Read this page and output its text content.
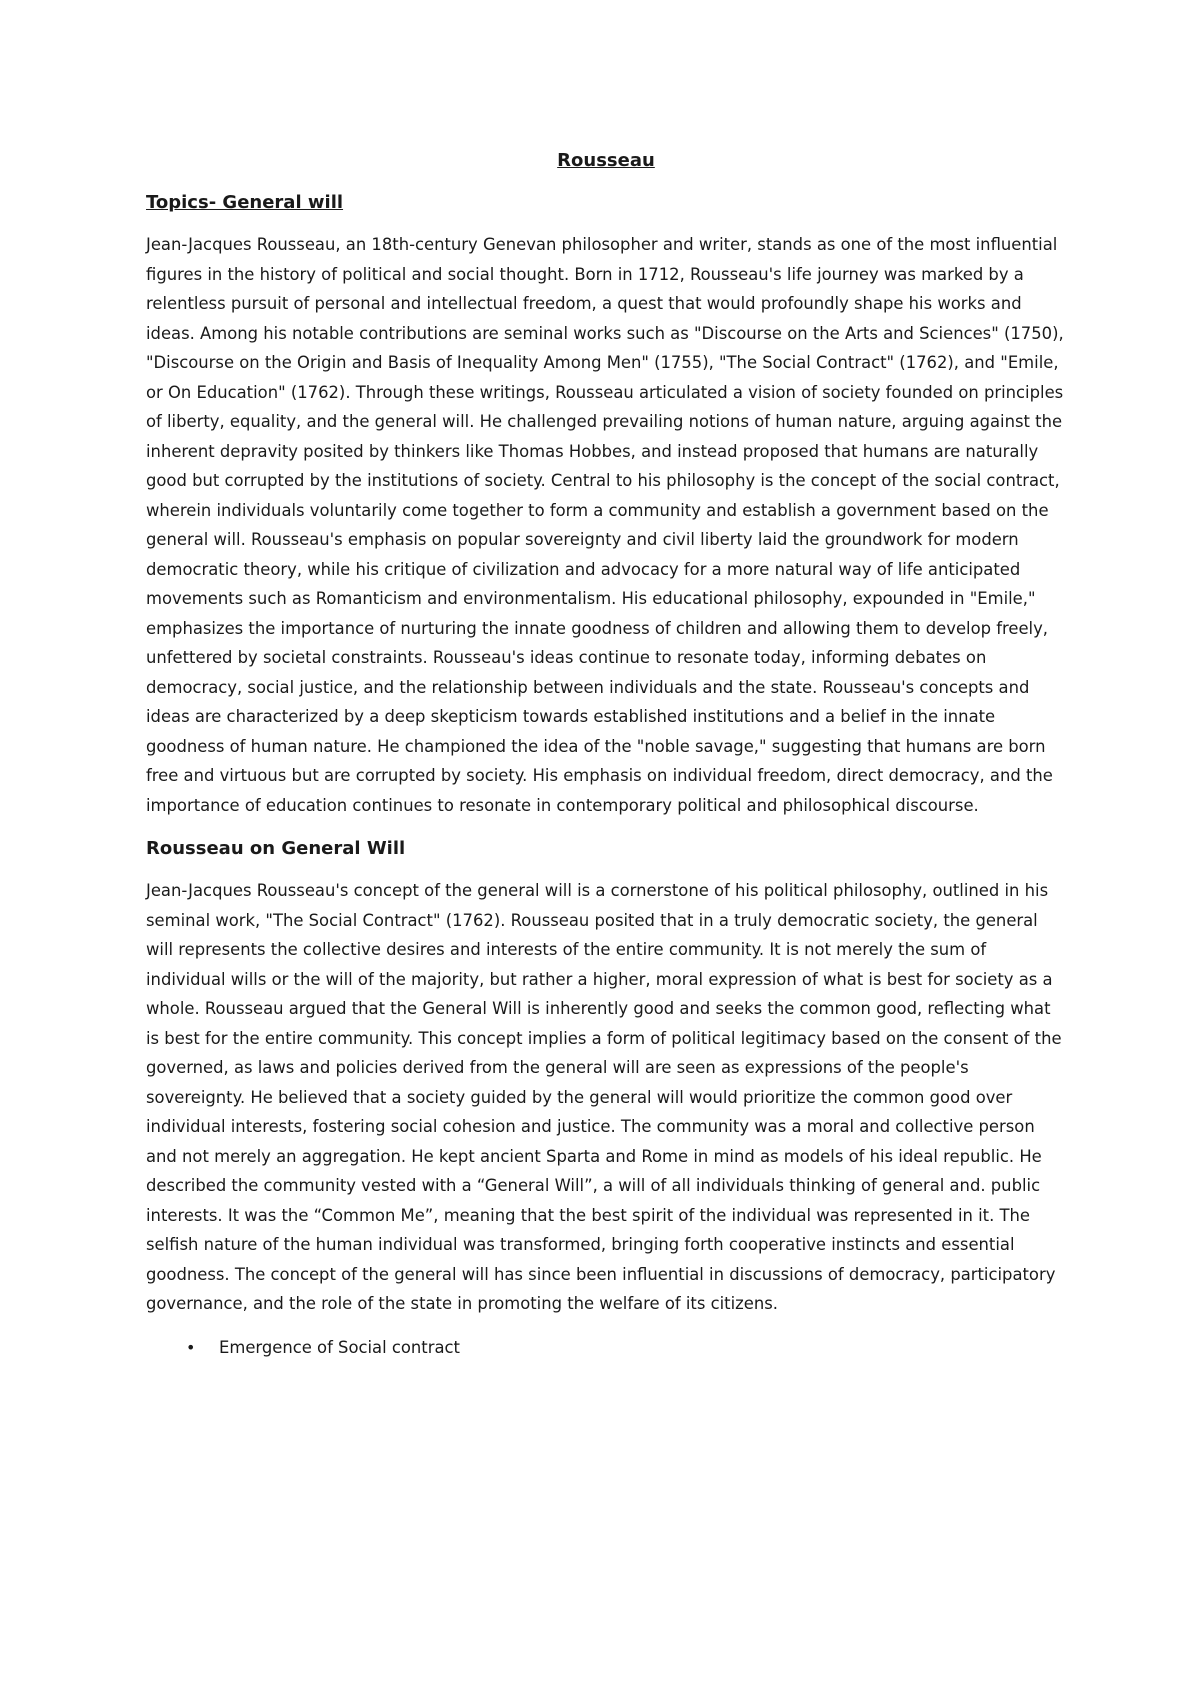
Rousseau
Topics- General will

Jean-Jacques Rousseau, an 18th-century Genevan philosopher and writer, stands as one of the most influential figures in the history of political and social thought. Born in 1712, Rousseau's life journey was marked by a relentless pursuit of personal and intellectual freedom, a quest that would profoundly shape his works and ideas. Among his notable contributions are seminal works such as "Discourse on the Arts and Sciences" (1750), "Discourse on the Origin and Basis of Inequality Among Men" (1755), "The Social Contract" (1762), and "Emile, or On Education" (1762). Through these writings, Rousseau articulated a vision of society founded on principles of liberty, equality, and the general will. He challenged prevailing notions of human nature, arguing against the inherent depravity posited by thinkers like Thomas Hobbes, and instead proposed that humans are naturally good but corrupted by the institutions of society. Central to his philosophy is the concept of the social contract, wherein individuals voluntarily come together to form a community and establish a government based on the general will. Rousseau's emphasis on popular sovereignty and civil liberty laid the groundwork for modern democratic theory, while his critique of civilization and advocacy for a more natural way of life anticipated movements such as Romanticism and environmentalism. His educational philosophy, expounded in "Emile," emphasizes the importance of nurturing the innate goodness of children and allowing them to develop freely, unfettered by societal constraints. Rousseau's ideas continue to resonate today, informing debates on democracy, social justice, and the relationship between individuals and the state. Rousseau's concepts and ideas are characterized by a deep skepticism towards established institutions and a belief in the innate goodness of human nature. He championed the idea of the "noble savage," suggesting that humans are born free and virtuous but are corrupted by society. His emphasis on individual freedom, direct democracy, and the importance of education continues to resonate in contemporary political and philosophical discourse.

Rousseau on General Will

Jean-Jacques Rousseau's concept of the general will is a cornerstone of his political philosophy, outlined in his seminal work, "The Social Contract" (1762). Rousseau posited that in a truly democratic society, the general will represents the collective desires and interests of the entire community. It is not merely the sum of individual wills or the will of the majority, but rather a higher, moral expression of what is best for society as a whole. Rousseau argued that the General Will is inherently good and seeks the common good, reflecting what is best for the entire community. This concept implies a form of political legitimacy based on the consent of the governed, as laws and policies derived from the general will are seen as expressions of the people's sovereignty. He believed that a society guided by the general will would prioritize the common good over individual interests, fostering social cohesion and justice. The community was a moral and collective person and not merely an aggregation. He kept ancient Sparta and Rome in mind as models of his ideal republic. He described the community vested with a “General Will”, a will of all individuals thinking of general and. public interests. It was the “Common Me”, meaning that the best spirit of the individual was represented in it. The selfish nature of the human individual was transformed, bringing forth cooperative instincts and essential goodness. The concept of the general will has since been influential in discussions of democracy, participatory governance, and the role of the state in promoting the welfare of its citizens.

• Emergence of Social contract
